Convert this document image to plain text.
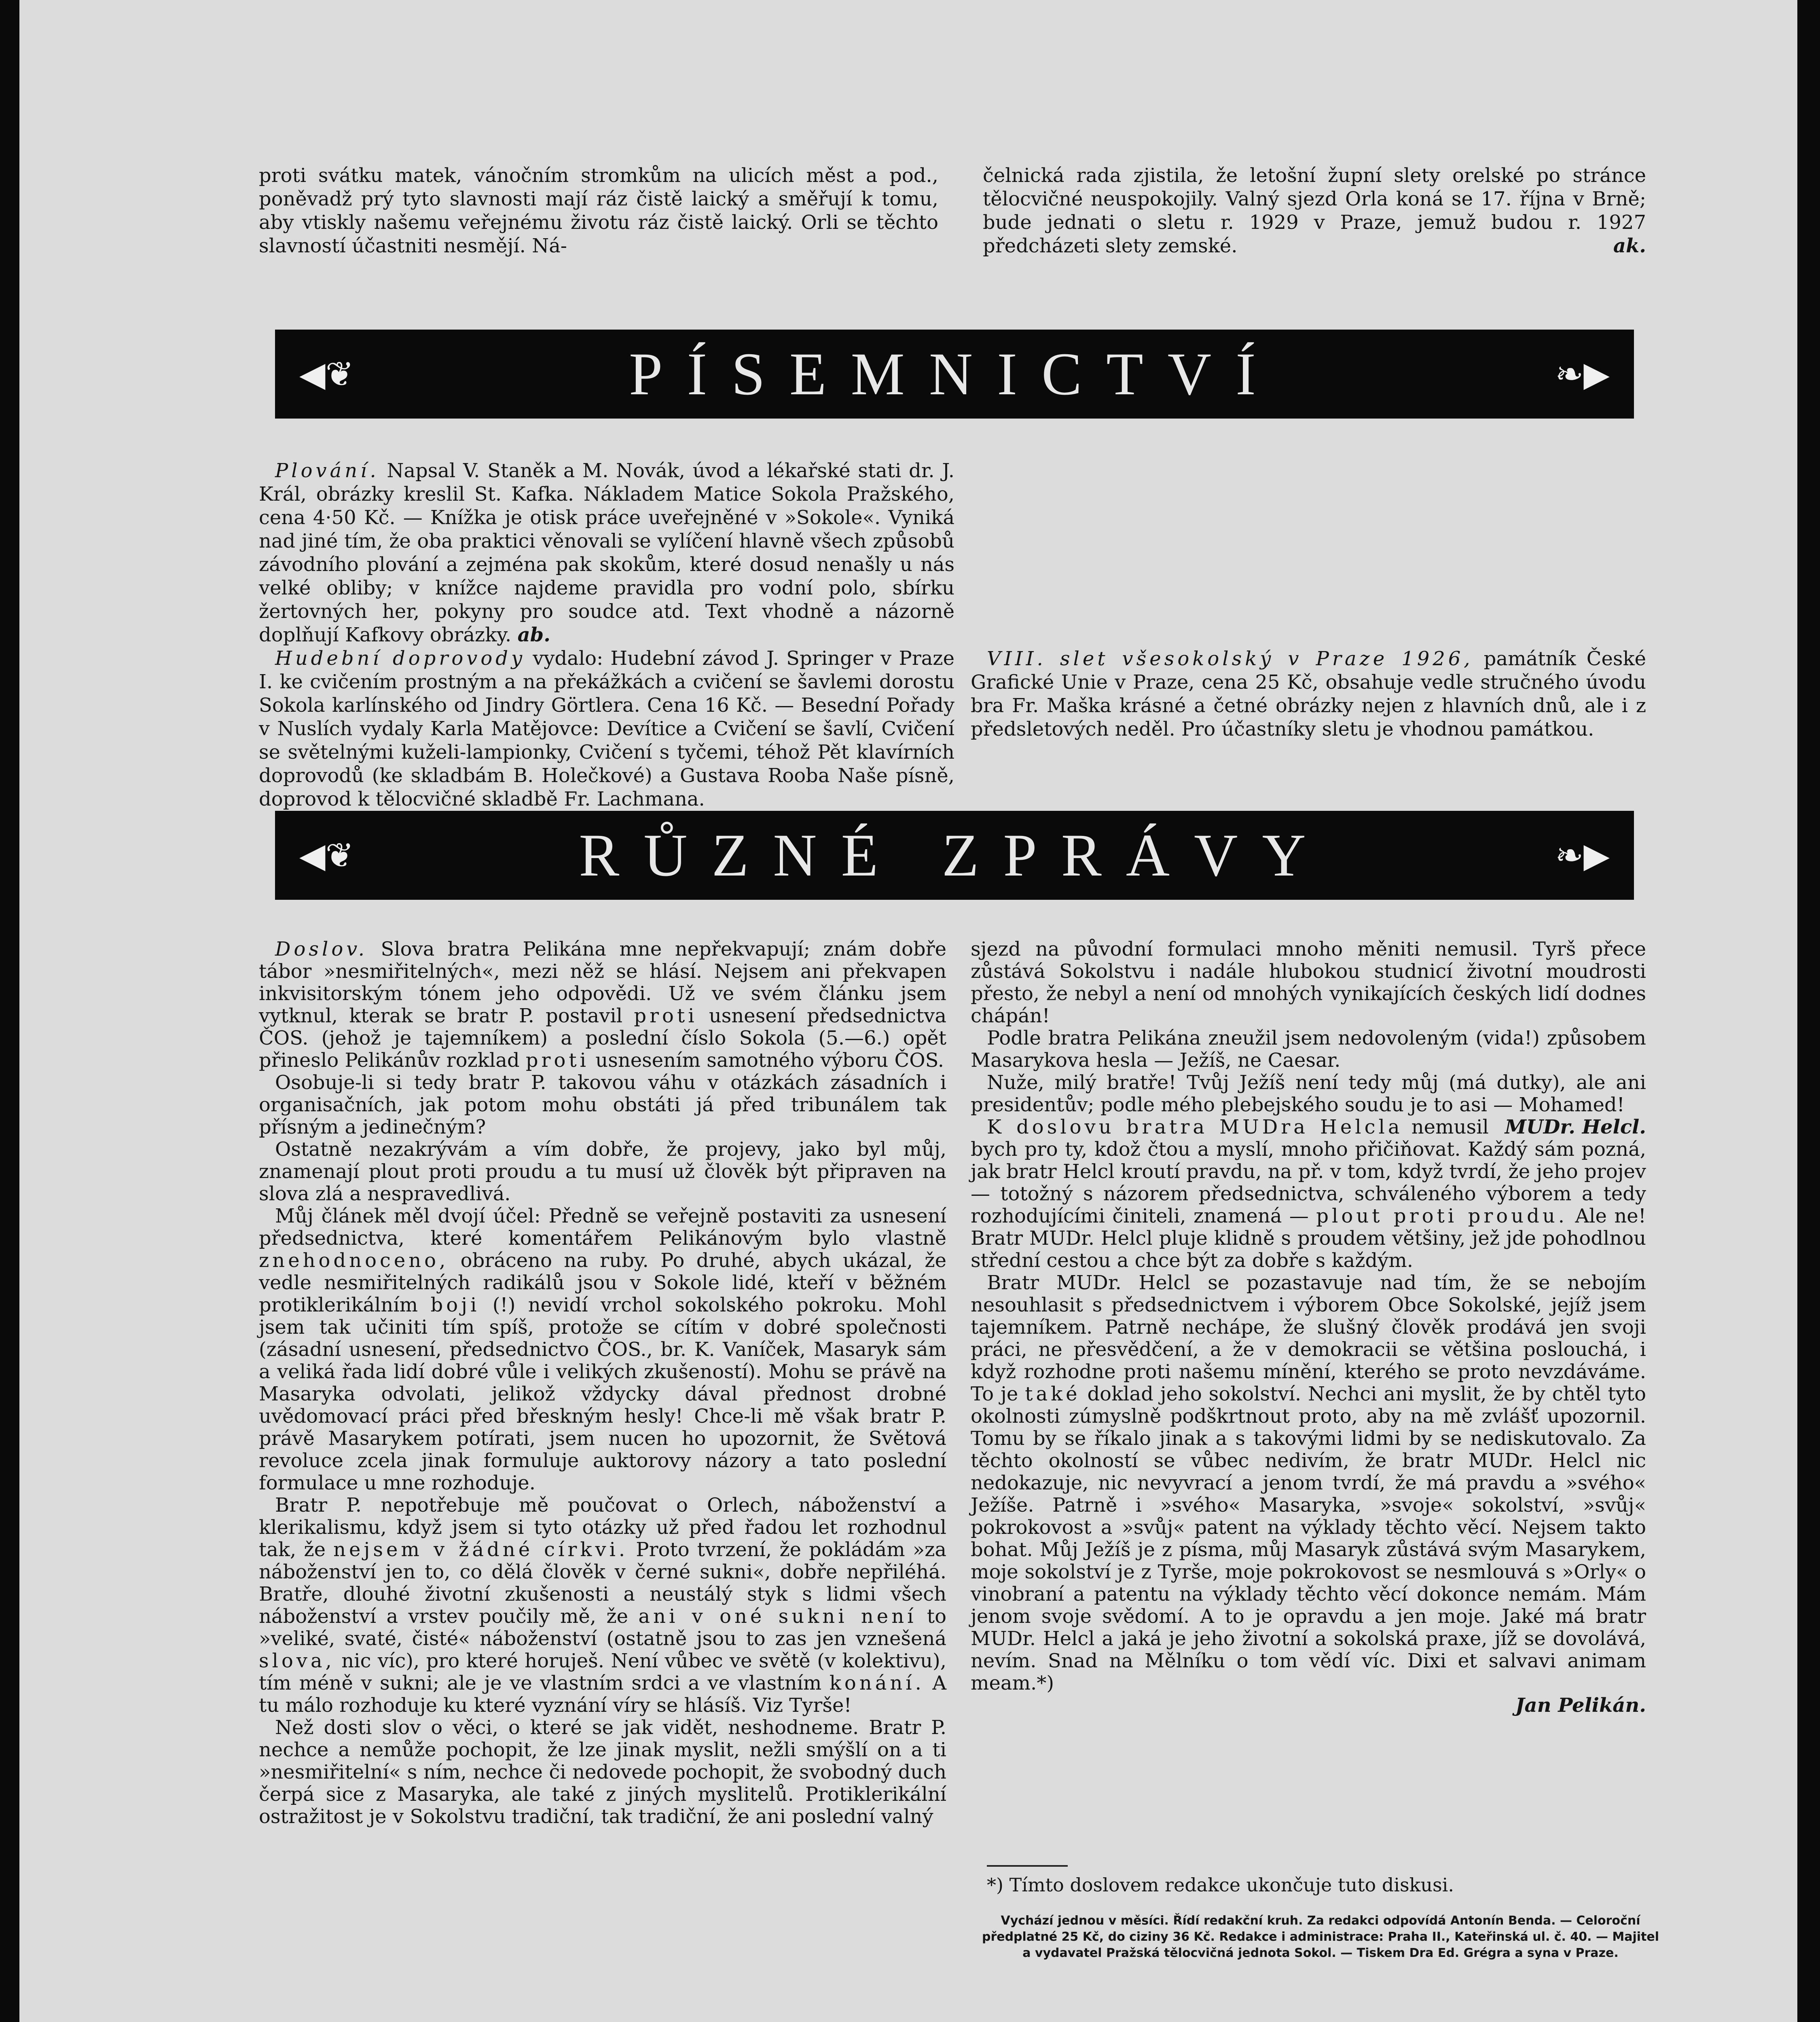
proti svátku matek, vánočním stromkům na ulicích měst a pod., poněvadž prý tyto slavnosti mají ráz čistě laický a směřují k tomu, aby vtiskly našemu veřejnému životu ráz čistě laický. Orli se těchto slavností účastniti nesmějí. Ná-

čelnická rada zjistila, že letošní župní slety orelské po stránce tělocvičné neuspokojily. Valný sjezd Orla koná se 17. října v Brně; bude jednati o sletu r. 1929 v Praze, jemuž budou r. 1927 předcházeti slety zemské.	ak.

◀❦	PÍSEMNICTVÍ	❧▶

Plování. Napsal V. Staněk a M. Novák, úvod a lékařské stati dr. J. Král, obrázky kreslil St. Kafka. Nákladem Matice Sokola Pražského, cena 4·50 Kč. — Knížka je otisk práce uveřejněné v »Sokole«. Vyniká nad jiné tím, že oba praktici věnovali se vylíčení hlavně všech způsobů závodního plování a zejména pak skokům, které dosud nenašly u nás velké obliby; v knížce najdeme pravidla pro vodní polo, sbírku žertovných her, pokyny pro soudce atd. Text vhodně a názorně doplňují Kafkovy obrázky. ab.

Hudební doprovody vydalo: Hudební závod J. Springer v Praze I. ke cvičením prostným a na překážkách a cvičení se šavlemi dorostu Sokola karlínského od Jindry Görtlera. Cena 16 Kč. — Besední Pořady v Nuslích vydaly Karla Matějovce: Devítice a Cvičení se šavlí, Cvičení se světelnými kuželi-lampionky, Cvičení s tyčemi, téhož Pět klavírních doprovodů (ke skladbám B. Holečkové) a Gustava Rooba Naše písně, doprovod k tělocvičné skladbě Fr. Lachmana.

VIII. slet všesokolský v Praze 1926, památník České Grafické Unie v Praze, cena 25 Kč, obsahuje vedle stručného úvodu bra Fr. Maška krásné a četné obrázky nejen z hlavních dnů, ale i z předsletových neděl. Pro účastníky sletu je vhodnou památkou.

◀❦	RŮZNÉ ZPRÁVY	❧▶

Doslov. Slova bratra Pelikána mne nepřekvapují; znám dobře tábor »nesmiřitelných«, mezi něž se hlásí. Nejsem ani překvapen inkvisitorským tónem jeho odpovědi. Už ve svém článku jsem vytknul, kterak se bratr P. postavil proti usnesení předsednictva ČOS. (jehož je tajemníkem) a poslední číslo Sokola (5.—6.) opět přineslo Pelikánův rozklad proti usnesením samotného výboru ČOS.

Osobuje-li si tedy bratr P. takovou váhu v otázkách zásadních i organisačních, jak potom mohu obstáti já před tribunálem tak přísným a jedinečným?

Ostatně nezakrývám a vím dobře, že projevy, jako byl můj, znamenají plout proti proudu a tu musí už člověk být připraven na slova zlá a nespravedlivá.

Můj článek měl dvojí účel: Předně se veřejně postaviti za usnesení předsednictva, které komentářem Pelikánovým bylo vlastně znehodnoceno, obráceno na ruby. Po druhé, abych ukázal, že vedle nesmiřitelných radikálů jsou v Sokole lidé, kteří v běžném protiklerikálním boji (!) nevidí vrchol sokolského pokroku. Mohl jsem tak učiniti tím spíš, protože se cítím v dobré společnosti (zásadní usnesení, předsednictvo ČOS., br. K. Vaníček, Masaryk sám a veliká řada lidí dobré vůle i velikých zkušeností). Mohu se právě na Masaryka odvolati, jelikož vždycky dával přednost drobné uvědomovací práci před břeskným hesly! Chce-li mě však bratr P. právě Masarykem potírati, jsem nucen ho upozornit, že Světová revoluce zcela jinak formuluje auktorovy názory a tato poslední formulace u mne rozhoduje.

Bratr P. nepotřebuje mě poučovat o Orlech, náboženství a klerikalismu, když jsem si tyto otázky už před řadou let rozhodnul tak, že nejsem v žádné církvi. Proto tvrzení, že pokládám »za náboženství jen to, co dělá člověk v černé sukni«, dobře nepřiléhá. Bratře, dlouhé životní zkušenosti a neustálý styk s lidmi všech náboženství a vrstev poučily mě, že ani v oné sukni není to »veliké, svaté, čisté« náboženství (ostatně jsou to zas jen vznešená slova, nic víc), pro které horuješ. Není vůbec ve světě (v kolektivu), tím méně v sukni; ale je ve vlastním srdci a ve vlastním konání. A tu málo rozhoduje ku které vyznání víry se hlásíš. Viz Tyrše!

Než dosti slov o věci, o které se jak vidět, neshodneme. Bratr P. nechce a nemůže pochopit, že lze jinak myslit, nežli smýšlí on a ti »nesmiřitelní« s ním, nechce či nedovede pochopit, že svobodný duch čerpá sice z Masaryka, ale také z jiných myslitelů. Protiklerikální ostražitost je v Sokolstvu tradiční, tak tradiční, že ani poslední valný

sjezd na původní formulaci mnoho měniti nemusil. Tyrš přece zůstává Sokolstvu i nadále hlubokou studnicí životní moudrosti přesto, že nebyl a není od mnohých vynikajících českých lidí dodnes chápán!

Podle bratra Pelikána zneužil jsem nedovoleným (vida!) způsobem Masarykova hesla — Ježíš, ne Caesar.

Nuže, milý bratře! Tvůj Ježíš není tedy můj (má dutky), ale ani presidentův; podle mého plebejského soudu je to asi — Mohamed!
MUDr. Helcl.

K doslovu bratra MUDra Helcla nemusil bych pro ty, kdož čtou a myslí, mnoho přičiňovat. Každý sám pozná, jak bratr Helcl kroutí pravdu, na př. v tom, když tvrdí, že jeho projev — totožný s názorem předsednictva, schváleného výborem a tedy rozhodujícími činiteli, znamená — plout proti proudu. Ale ne! Bratr MUDr. Helcl pluje klidně s proudem většiny, jež jde pohodlnou střední cestou a chce být za dobře s každým.

Bratr MUDr. Helcl se pozastavuje nad tím, že se nebojím nesouhlasit s předsednictvem i výborem Obce Sokolské, jejíž jsem tajemníkem. Patrně nechápe, že slušný člověk prodává jen svoji práci, ne přesvědčení, a že v demokracii se většina poslouchá, i když rozhodne proti našemu mínění, kterého se proto nevzdáváme. To je také doklad jeho sokolství. Nechci ani myslit, že by chtěl tyto okolnosti zúmyslně podškrtnout proto, aby na mě zvlášť upozornil. Tomu by se říkalo jinak a s takovými lidmi by se nediskutovalo. Za těchto okolností se vůbec nedivím, že bratr MUDr. Helcl nic nedokazuje, nic nevyvrací a jenom tvrdí, že má pravdu a »svého« Ježíše. Patrně i »svého« Masaryka, »svoje« sokolství, »svůj« pokrokovost a »svůj« patent na výklady těchto věcí. Nejsem takto bohat. Můj Ježíš je z písma, můj Masaryk zůstává svým Masarykem, moje sokolství je z Tyrše, moje pokrokovost se nesmlouvá s »Orly« o vinobraní a patentu na výklady těchto věcí dokonce nemám. Mám jenom svoje svědomí. A to je opravdu a jen moje. Jaké má bratr MUDr. Helcl a jaká je jeho životní a sokolská praxe, jíž se dovolává, nevím. Snad na Mělníku o tom vědí víc. Dixi et salvavi animam meam.*)

Jan Pelikán.

*) Tímto doslovem redakce ukončuje tuto diskusi.
Vychází jednou v měsíci. Řídí redakční kruh. Za redakci odpovídá Antonín Benda. — Celoroční předplatné 25 Kč, do ciziny 36 Kč. Redakce i administrace: Praha II., Kateřinská ul. č. 40. — Majitel a vydavatel Pražská tělocvičná jednota Sokol. — Tiskem Dra Ed. Grégra a syna v Praze.
